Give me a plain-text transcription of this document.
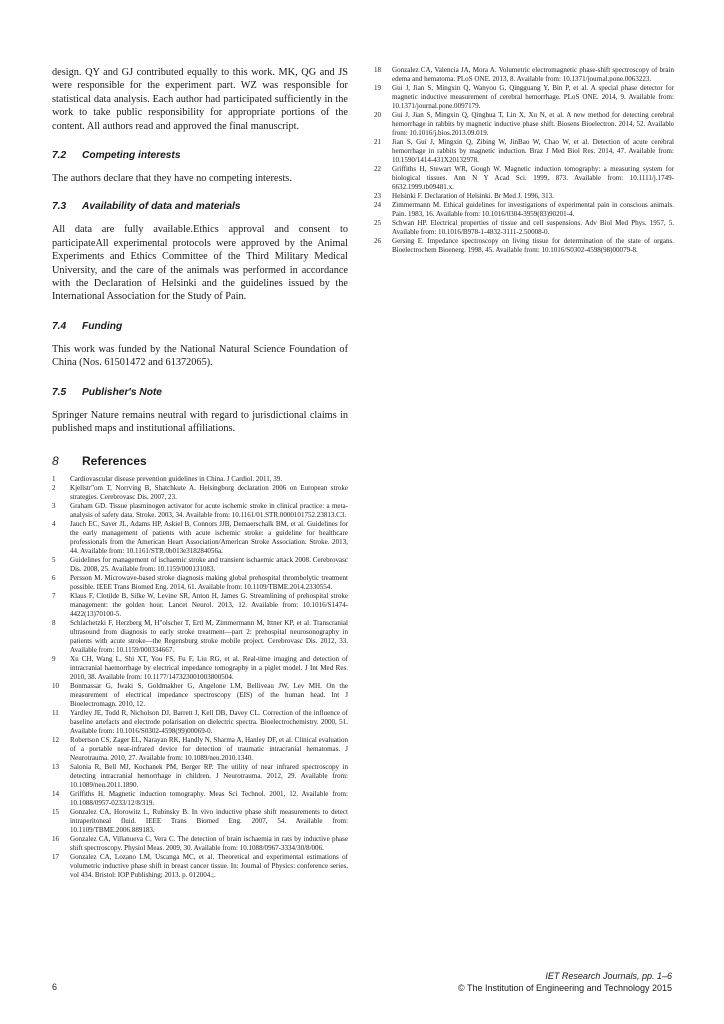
design. QY and GJ contributed equally to this work. MK, QG and JS were responsible for the experiment part. WZ was responsible for statistical data analysis. Each author had participated sufficiently in the work to take public responsibility for appropriate portions of the content. All authors read and approved the final manuscript.

7.2	Competing interests

The authors declare that they have no competing interests.

7.3	Availability of data and materials

All data are fully available.Ethics approval and consent to participateAll experimental protocols were approved by the Animal Experiments and Ethics Committee of the Third Military Medical University, and the care of the animals was performed in accordance with the Declaration of Helsinki and the guidelines issued by the International Association for the Study of Pain.

7.4	Funding

This work was funded by the National Natural Science Foundation of China (Nos. 61501472 and 61372065).

7.5	Publisher's Note

Springer Nature remains neutral with regard to jurisdictional claims in published maps and institutional affiliations.

8	References
1	Cardiovascular disease prevention guidelines in China. J Cardiol. 2011, 39.
2	Kjellstr"om T, Norrving B, Shatchkute A. Helsingborg declaration 2006 on European stroke strategies. Cerebrovasc Dis. 2007, 23.
3	Graham GD. Tissue plasminogen activator for acute ischemic stroke in clinical practice: a meta-analysis of safety data. Stroke. 2003, 34. Available from: 10.1161/01.STR.0000101752.23813.C3.
4	Jauch EC, Saver JL, Adams HP, Askiel B, Connors JJB, Demaerschalk BM, et al. Guidelines for the early management of patients with acute ischemic stroke: a guideline for healthcare professionals from the American Heart Association/American Stroke Association. Stroke. 2013, 44. Available from: 10.1161/STR.0b013e318284056a.
5	Guidelines for management of ischaemic stroke and transient ischaemic attack 2008. Cerebrovasc Dis. 2008, 25. Available from: 10.1159/000131083.
6	Persson M. Microwave-based stroke diagnosis making global prehospital thrombolytic treatment possible. IEEE Trans Biomed Eng. 2014, 61. Available from: 10.1109/TBME.2014.2330554.
7	Klaus F, Clotilde B, Silke W, Levine SR, Anton H, James G. Streamlining of prehospital stroke management: the golden hour. Lancet Neurol. 2013, 12. Available from: 10.1016/S1474-4422(13)70100-5.
8	Schlachetzki F, Herzberg M, H"olscher T, Ertl M, Zimmermann M, Ittner KP, et al. Transcranial ultrasound from diagnosis to early stroke treatment—part 2: prehospital neurosonography in patients with acute stroke—the Regensburg stroke mobile project. Cerebrovasc Dis. 2012, 33. Available from: 10.1159/000334667.
9	Xu CH, Wang L, Shi XT, You FS, Fu F, Liu RG, et al. Real-time imaging and detection of intracranial haemorrhage by electrical impedance tomography in a piglet model. J Int Med Res. 2010, 38. Available from: 10.1177/147323001003800504.
10	Bonmassar G, Iwaki S, Goldmakher G, Angelone LM, Belliveau JW, Lev MH. On the measurement of electrical impedance spectroscopy (EIS) of the human head. Int J Bioelectromagn. 2010, 12.
11	Yardley JE, Todd R, Nicholson DJ, Barrett J, Kell DB, Davey CL. Correction of the influence of baseline artefacts and electrode polarisation on dielectric spectra. Bioelectrochemistry. 2000, 51. Available from: 10.1016/S0302-4598(99)00069-0.
12	Robertson CS, Zager EL, Narayan RK, Handly N, Sharma A, Hanley DF, et al. Clinical evaluation of a portable near-infrared device for detection of traumatic intracranial hematomas. J Neurotrauma. 2010, 27. Available from: 10.1089/neu.2010.1340.
13	Salonia R, Bell MJ, Kochanek PM, Berger RP. The utility of near infrared spectroscopy in detecting intracranial hemorrhage in children. J Neurotrauma. 2012, 29. Available from: 10.1089/neu.2011.1890.
14	Griffiths H. Magnetic induction tomography. Meas Sci Technol. 2001, 12. Available from: 10.1088/0957-0233/12/8/319.
15	Gonzalez CA, Horowitz L, Rubinsky B. In vivo inductive phase shift measurements to detect intraperitoneal fluid. IEEE Trans Biomed Eng. 2007, 54. Available from: 10.1109/TBME.2006.889183.
16	Gonzalez CA, Villanueva C, Vera C. The detection of brain ischaemia in rats by inductive phase shift spectroscopy. Physiol Meas. 2009, 30. Available from: 10.1088/0967-3334/30/8/006.
17	Gonzalez CA, Lozano LM, Uscanga MC, et al. Theoretical and experimental estimations of volumetric inductive phase shift in breast cancer tissue. In: Journal of Physics: conference series, vol 434. Bristol: IOP Publishing; 2013. p. 012004.;.
18	Gonzalez CA, Valencia JA, Mora A. Volumetric electromagnetic phase-shift spectroscopy of brain edema and hematoma. PLoS ONE. 2013, 8. Available from: 10.1371/journal.pone.0063223.
19	Gui J, Jian S, Mingxin Q, Wanyou G, Qingguang Y, Bin P, et al. A special phase detector for magnetic inductive measurement of cerebral hemorrhage. PLoS ONE. 2014, 9. Available from: 10.1371/journal.pone.0097179.
20	Gui J, Jian S, Mingxin Q, Qinghua T, Lin X, Xu N, et al. A new method for detecting cerebral hemorrhage in rabbits by magnetic inductive phase shift. Biosens Bioelectron. 2014, 52. Available from: 10.1016/j.bios.2013.09.019.
21	Jian S, Gui J, Mingxin Q, Zibing W, JinBao W, Chao W, et al. Detection of acute cerebral hemorrhage in rabbits by magnetic induction. Braz J Med Biol Res. 2014, 47. Available from: 10.1590/1414-431X20132978.
22	Griffiths H, Stewart WR, Gough W. Magnetic induction tomography: a measuring system for biological tissues. Ann N Y Acad Sci. 1999, 873. Available from: 10.1111/j.1749-6632.1999.tb09481.x.
23	Helsinki F. Declaration of Helsinki. Br Med J. 1996, 313.
24	Zimmermann M. Ethical guidelines for investigations of experimental pain in conscious animals. Pain. 1983, 16. Available from: 10.1016/0304-3959(83)90201-4.
25	Schwan HP. Electrical properties of tissue and cell suspensions. Adv Biol Med Phys. 1957, 5. Available from: 10.1016/B978-1-4832-3111-2.50008-0.
26	Gersing E. Impedance spectroscopy on living tissue for determination of the state of organs. Bioelectrochem Bioenerg. 1998, 45. Available from: 10.1016/S0302-4598(98)00079-8.
6
IET Research Journals, pp. 1–6
© The Institution of Engineering and Technology 2015
